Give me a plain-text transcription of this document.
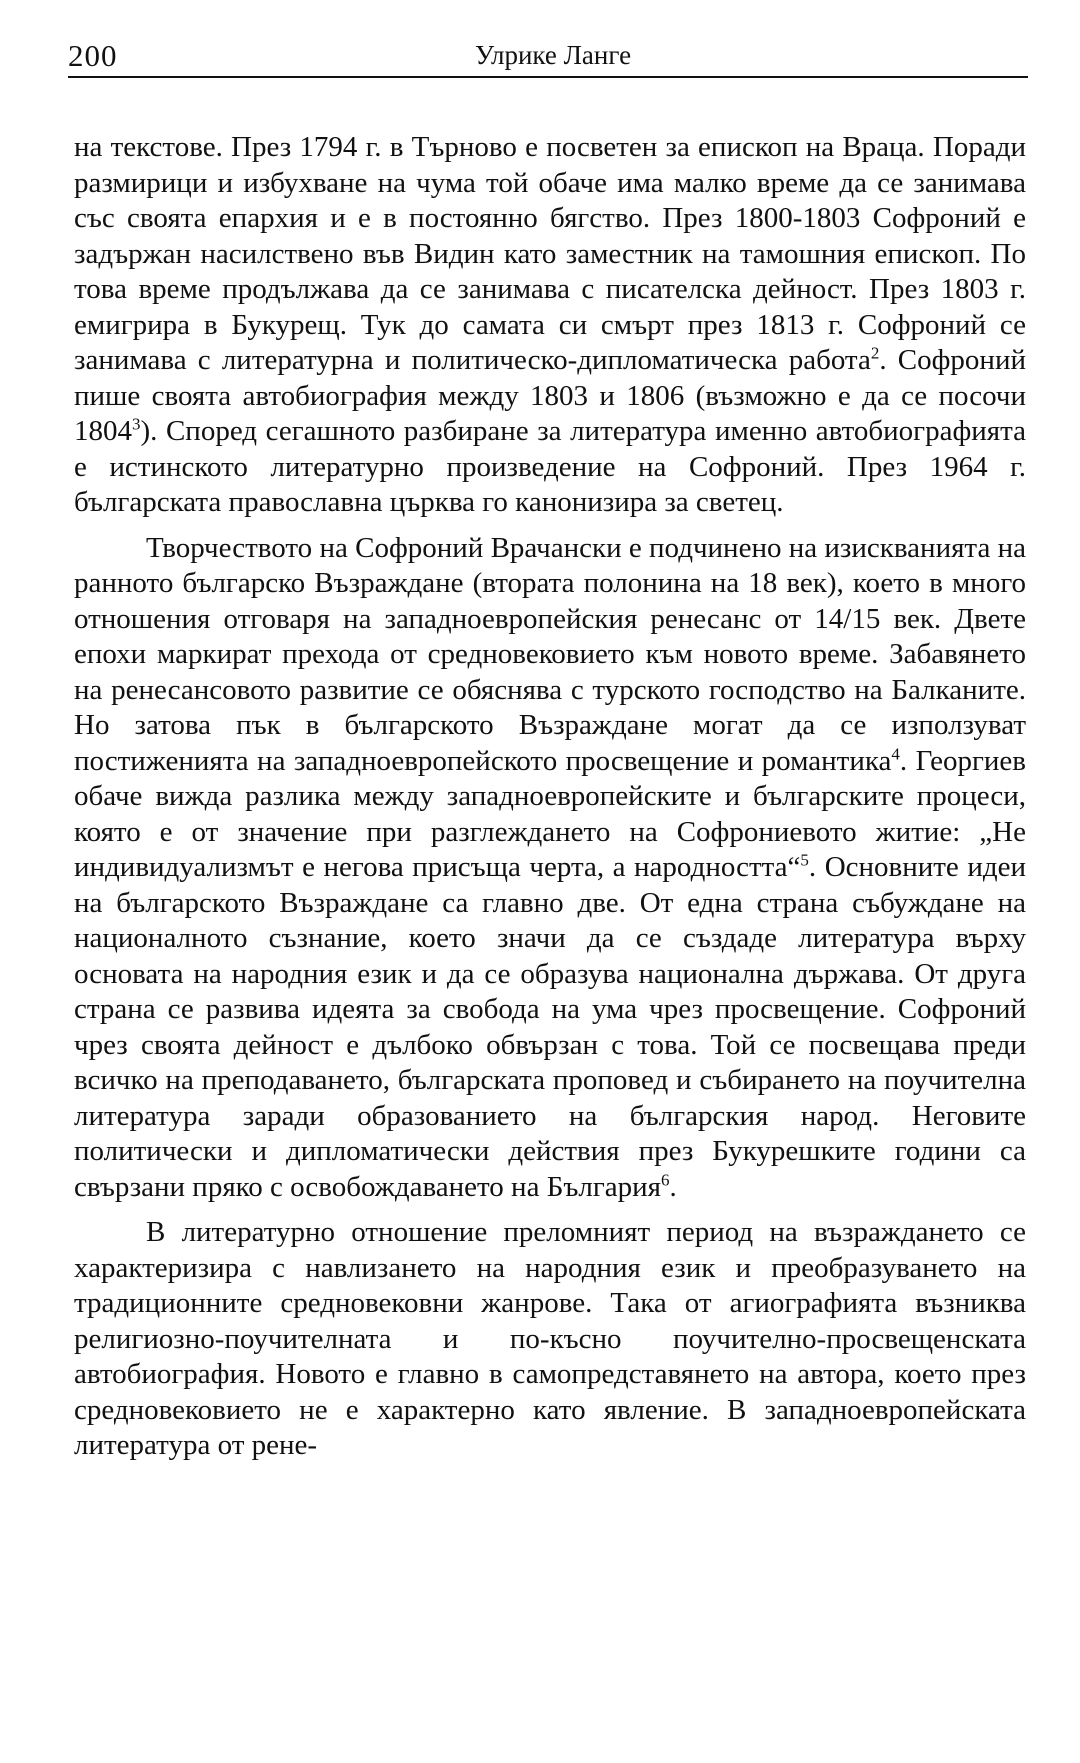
200	Улрике Ланге

на текстове. През 1794 г. в Търново е посветен за епископ на Враца. Поради размирици и избухване на чума той обаче има малко време да се занимава със своята епархия и е в постоянно бягство. През 1800-1803 Софроний е задържан насилствено във Видин като заместник на тамошния епископ. По това време продължава да се занимава с писателска дейност. През 1803 г. емигрира в Букурещ. Тук до самата си смърт през 1813 г. Софроний се занимава с литературна и политическо-дипломатическа работа$^2$. Софроний пише своята автобиография между 1803 и 1806 (възможно е да се посочи 1804$^3$). Според сегашното разбиране за литература именно автобиографията е истинското литературно произведение на Софроний. През 1964 г. българската православна църква го канонизира за светец.

Творчеството на Софроний Врачански е подчинено на изискванията на ранното българско Възраждане (втората полонина на 18 век), което в много отношения отговаря на западноевропейския ренесанс от 14/15 век. Двете епохи маркират прехода от средновековието към новото време. Забавянето на ренесансовото развитие се обяснява с турското господство на Балканите. Но затова пък в българското Възраждане могат да се използуват постиженията на западноевропейското просвещение и романтика$^4$. Георгиев обаче вижда разлика между западноевропейските и българските процеси, която е от значение при разглеждането на Софрониевото житие: „Не индивидуализмът е негова присъща черта, а народността“$^5$. Основните идеи на българското Възраждане са главно две. От една страна събуждане на националното съзнание, което значи да се създаде литература върху основата на народния език и да се образува национална държава. От друга страна се развива идеята за свобода на ума чрез просвещение. Софроний чрез своята дейност е дълбоко обвързан с това. Той се посвещава преди всичко на преподаването, българската пропoвед и събирането на поучителна литература заради образованието на българския народ. Неговите политически и дипломатически действия през Букурешките години са свързани пряко с освобождаването на България$^6$.

В литературно отношение преломният период на възраждането се характеризира с навлизането на народния език и преобразуването на традиционните средновековни жанрове. Така от агиографията възниква религиозно-поучителната и по-късно поучително-просвещенската автобиография. Новото е главно в самопредставянето на автора, което през средновековието не е характерно като явление. В западноевропейската литература от рене-
